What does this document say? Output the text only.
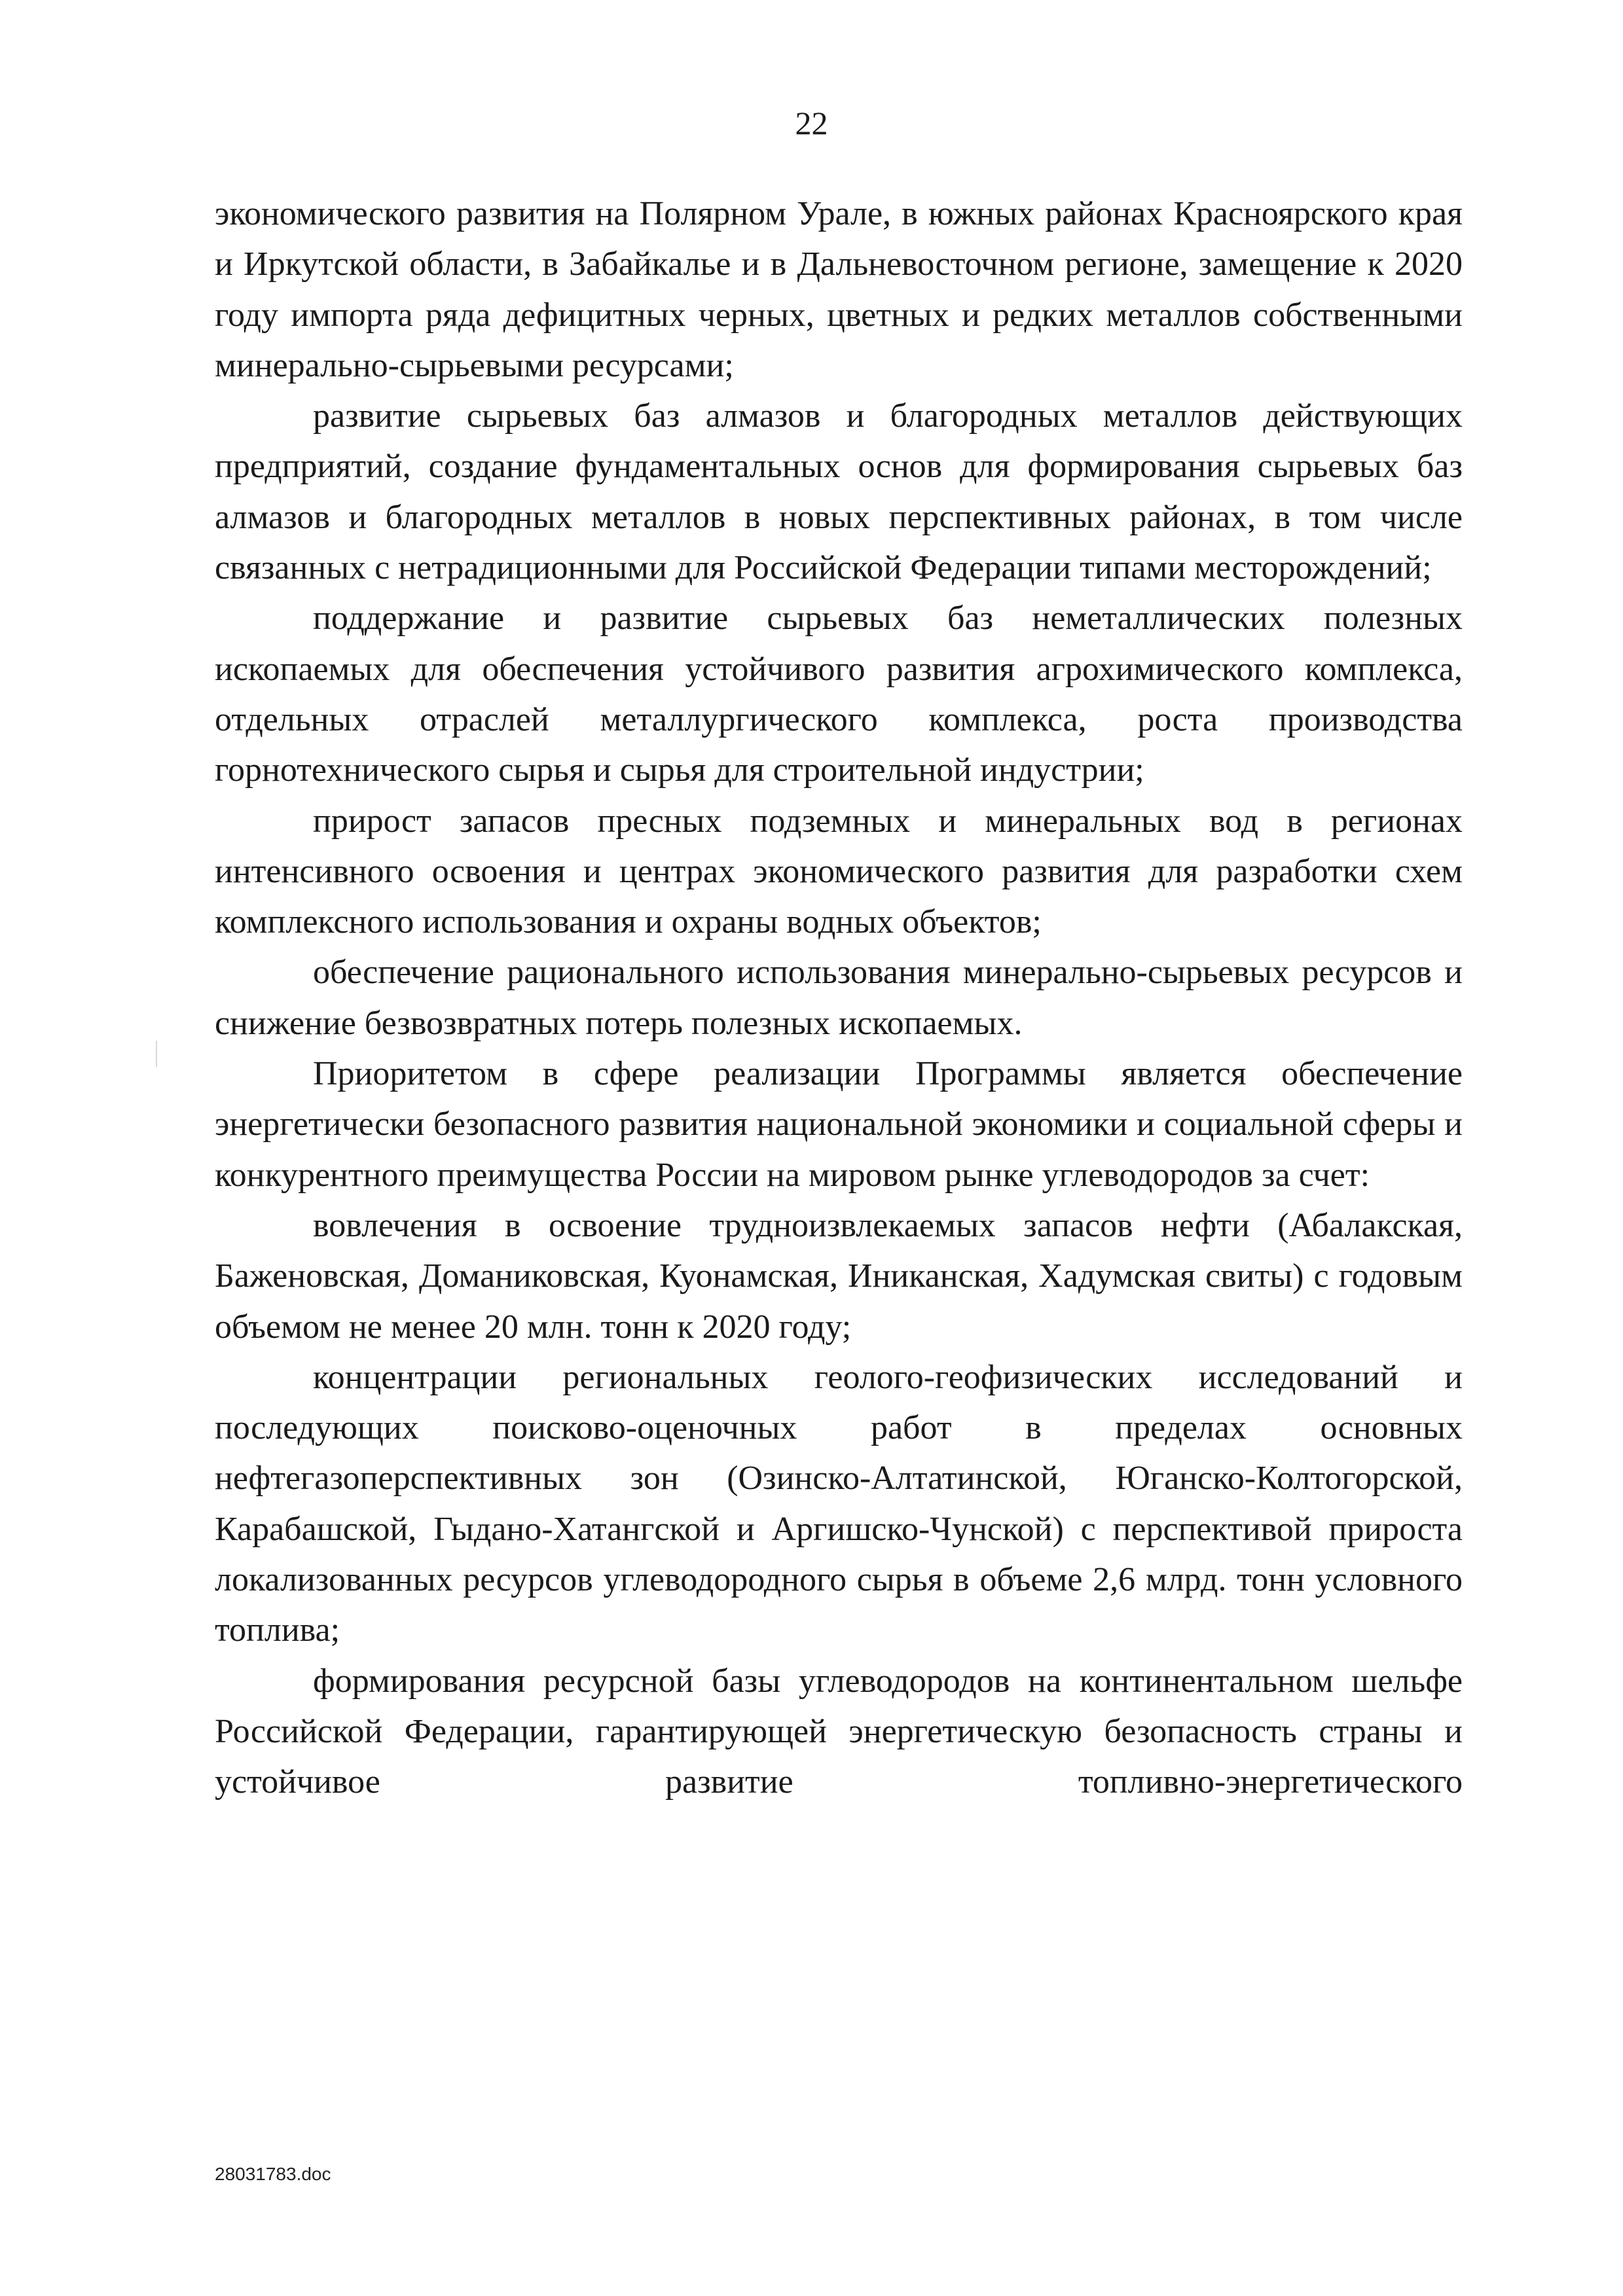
22

экономического развития на Полярном Урале, в южных районах Красноярского края и Иркутской области, в Забайкалье и в Дальневосточном регионе, замещение к 2020 году импорта ряда дефицитных черных, цветных и редких металлов собственными минерально-сырьевыми ресурсами;

развитие сырьевых баз алмазов и благородных металлов действующих предприятий, создание фундаментальных основ для формирования сырьевых баз алмазов и благородных металлов в новых перспективных районах, в том числе связанных с нетрадиционными для Российской Федерации типами месторождений;

поддержание и развитие сырьевых баз неметаллических полезных ископаемых для обеспечения устойчивого развития агрохимического комплекса, отдельных отраслей металлургического комплекса, роста производства горнотехнического сырья и сырья для строительной индустрии;

прирост запасов пресных подземных и минеральных вод в регионах интенсивного освоения и центрах экономического развития для разработки схем комплексного использования и охраны водных объектов;

обеспечение рационального использования минерально-сырьевых ресурсов и снижение безвозвратных потерь полезных ископаемых.

Приоритетом в сфере реализации Программы является обеспечение энергетически безопасного развития национальной экономики и социальной сферы и конкурентного преимущества России на мировом рынке углеводородов за счет:

вовлечения в освоение трудноизвлекаемых запасов нефти (Абалакская, Баженовская, Доманиковская, Куонамская, Иниканская, Хадумская свиты) с годовым объемом не менее 20 млн. тонн к 2020 году;

концентрации региональных геолого-геофизических исследований и последующих поисково-оценочных работ в пределах основных нефтегазоперспективных зон (Озинско-Алтатинской, Юганско-Колтогорской, Карабашской, Гыдано-Хатангской и Аргишско-Чунской) с перспективой прироста локализованных ресурсов углеводородного сырья в объеме 2,6 млрд. тонн условного топлива;

формирования ресурсной базы углеводородов на континентальном шельфе Российской Федерации, гарантирующей энергетическую безопасность страны и устойчивое развитие топливно-энергетического

28031783.doc
